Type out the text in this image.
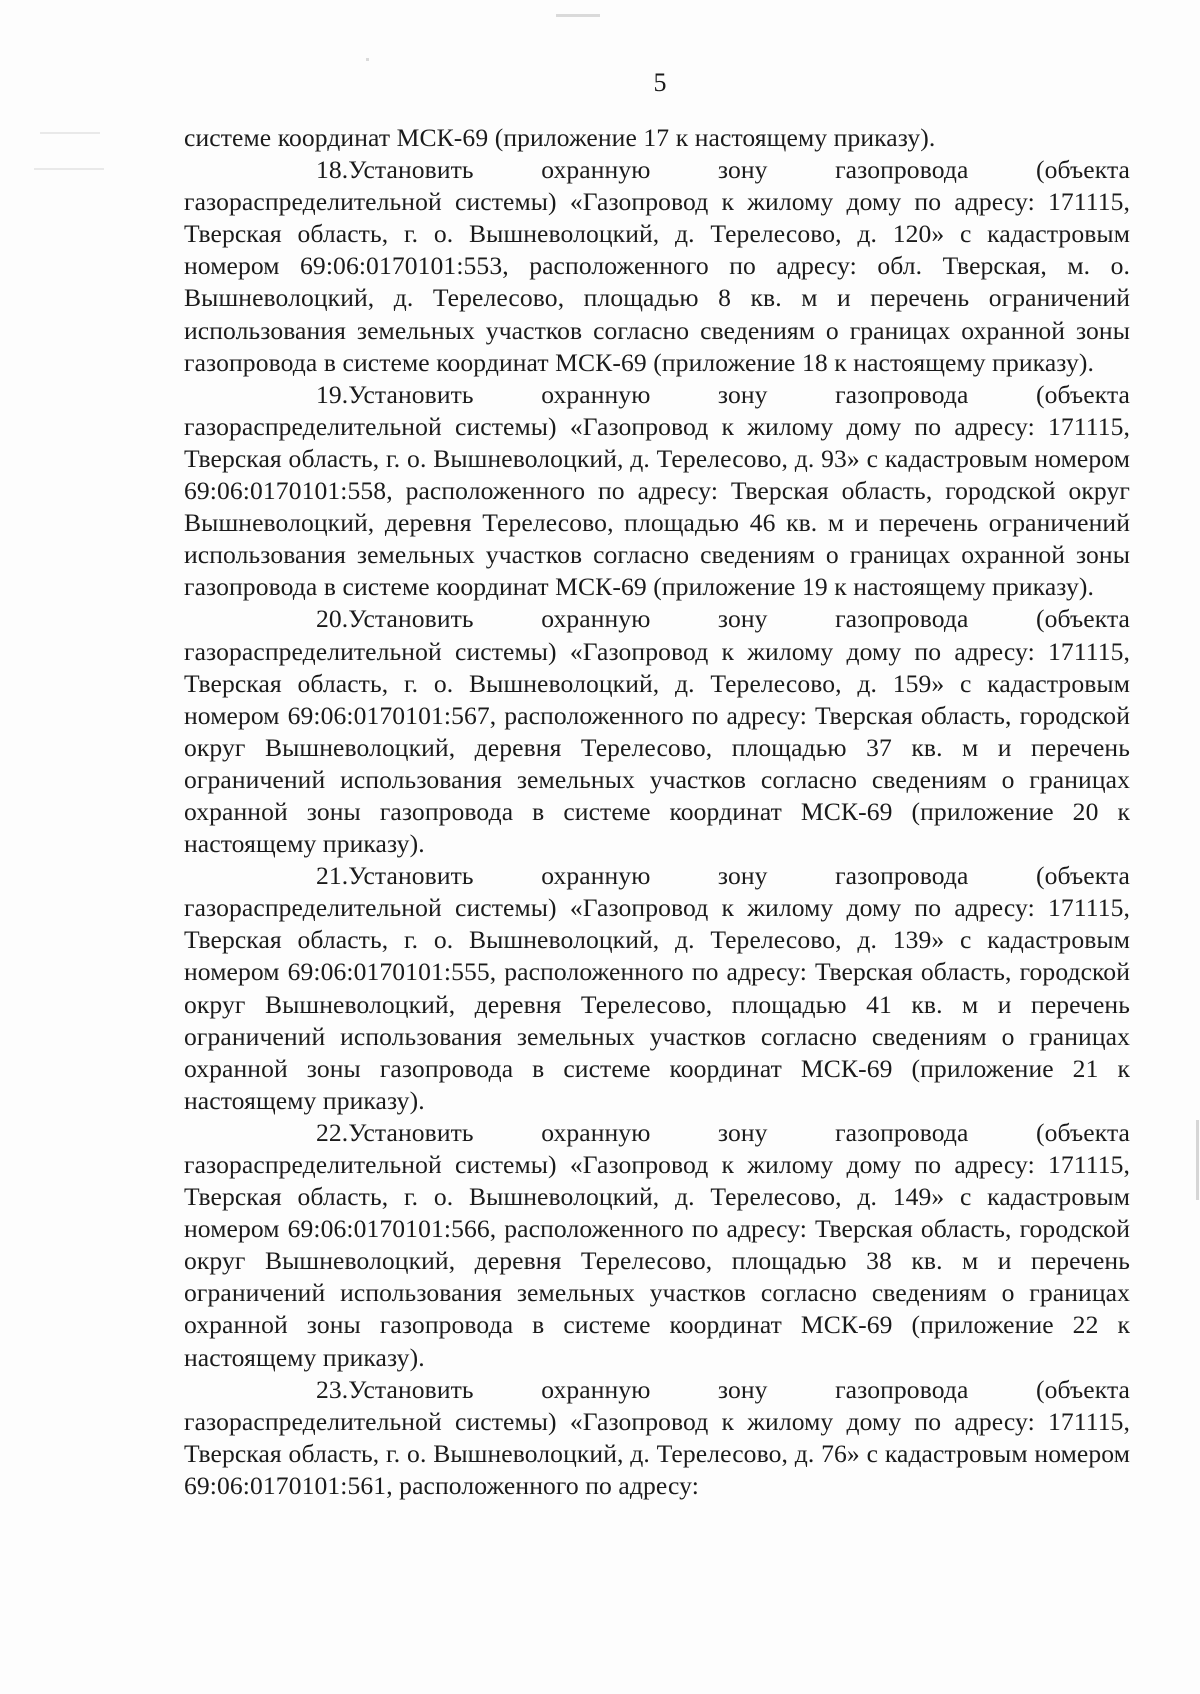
5

системе координат МСК-69 (приложение 17 к настоящему приказу).

18.Установить охранную зону газопровода (объекта газораспределительной системы) «Газопровод к жилому дому по адресу: 171115, Тверская область, г. о. Вышневолоцкий, д. Терелесово, д. 120» с кадастровым номером 69:06:0170101:553, расположенного по адресу: обл. Тверская, м. о. Вышневолоцкий, д. Терелесово, площадью 8 кв. м и перечень ограничений использования земельных участков согласно сведениям о границах охранной зоны газопровода в системе координат МСК-69 (приложение 18 к настоящему приказу).

19.Установить охранную зону газопровода (объекта газораспределительной системы) «Газопровод к жилому дому по адресу: 171115, Тверская область, г. о. Вышневолоцкий, д. Терелесово, д. 93» с кадастровым номером 69:06:0170101:558, расположенного по адресу: Тверская область, городской округ Вышневолоцкий, деревня Терелесово, площадью 46 кв. м и перечень ограничений использования земельных участков согласно сведениям о границах охранной зоны газопровода в системе координат МСК-69 (приложение 19 к настоящему приказу).

20.Установить охранную зону газопровода (объекта газораспределительной системы) «Газопровод к жилому дому по адресу: 171115, Тверская область, г. о. Вышневолоцкий, д. Терелесово, д. 159» с кадастровым номером 69:06:0170101:567, расположенного по адресу: Тверская область, городской округ Вышневолоцкий, деревня Терелесово, площадью 37 кв. м и перечень ограничений использования земельных участков согласно сведениям о границах охранной зоны газопровода в системе координат МСК-69 (приложение 20 к настоящему приказу).

21.Установить охранную зону газопровода (объекта газораспределительной системы) «Газопровод к жилому дому по адресу: 171115, Тверская область, г. о. Вышневолоцкий, д. Терелесово, д. 139» с кадастровым номером 69:06:0170101:555, расположенного по адресу: Тверская область, городской округ Вышневолоцкий, деревня Терелесово, площадью 41 кв. м и перечень ограничений использования земельных участков согласно сведениям о границах охранной зоны газопровода в системе координат МСК-69 (приложение 21 к настоящему приказу).

22.Установить охранную зону газопровода (объекта газораспределительной системы) «Газопровод к жилому дому по адресу: 171115, Тверская область, г. о. Вышневолоцкий, д. Терелесово, д. 149» с кадастровым номером 69:06:0170101:566, расположенного по адресу: Тверская область, городской округ Вышневолоцкий, деревня Терелесово, площадью 38 кв. м и перечень ограничений использования земельных участков согласно сведениям о границах охранной зоны газопровода в системе координат МСК-69 (приложение 22 к настоящему приказу).

23.Установить охранную зону газопровода (объекта газораспределительной системы) «Газопровод к жилому дому по адресу: 171115, Тверская область, г. о. Вышневолоцкий, д. Терелесово, д. 76» с кадастровым номером 69:06:0170101:561, расположенного по адресу:
